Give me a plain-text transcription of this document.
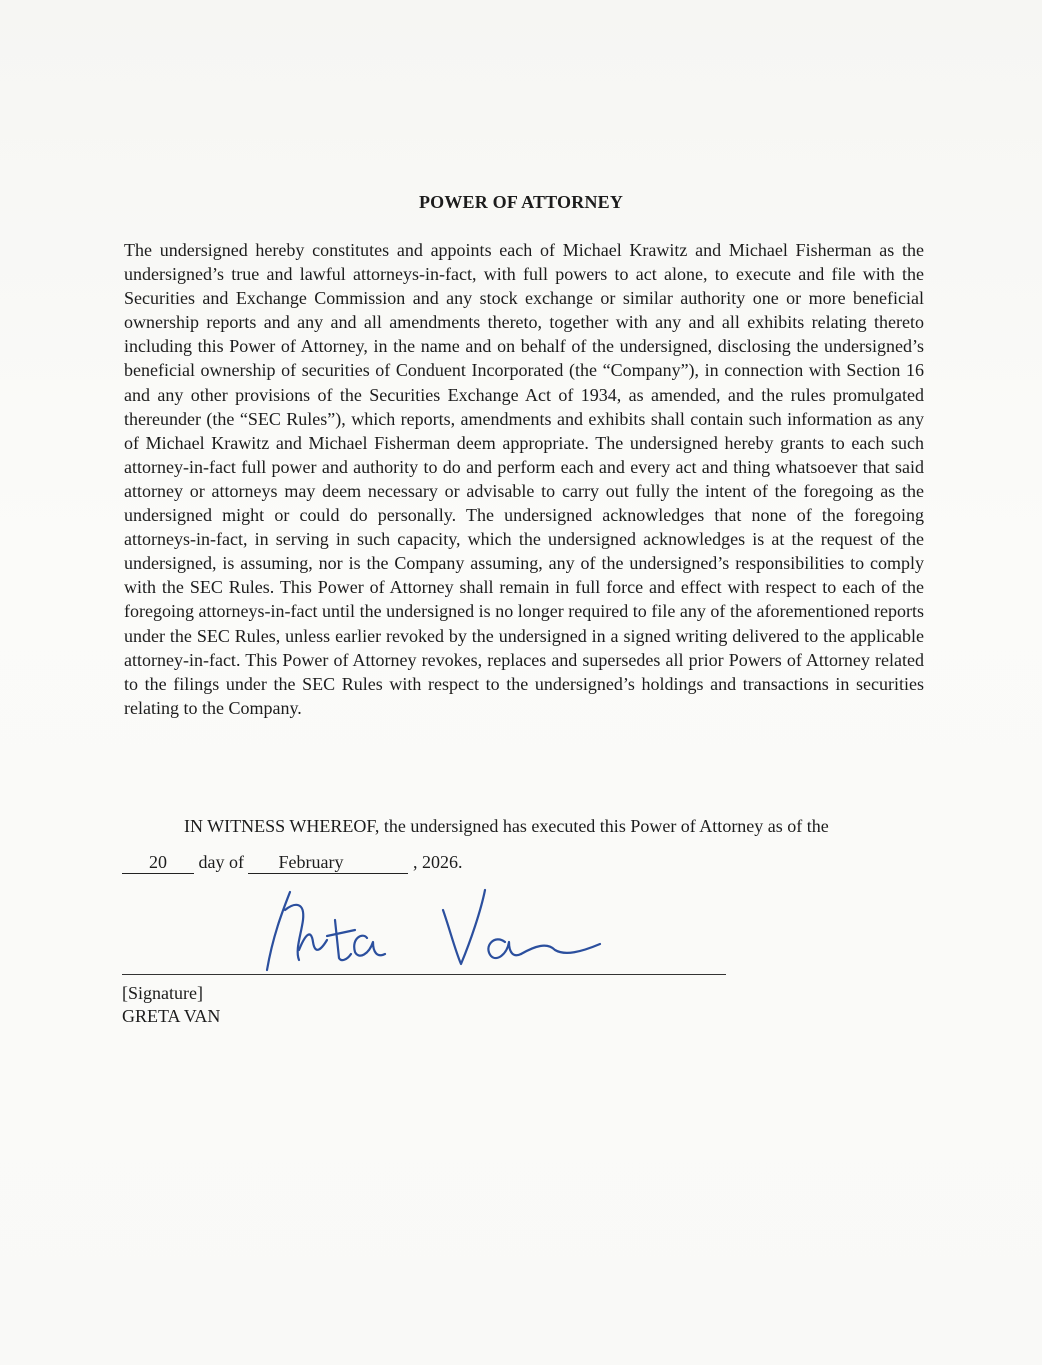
POWER OF ATTORNEY

The undersigned hereby constitutes and appoints each of Michael Krawitz and Michael Fisherman as the undersigned’s true and lawful attorneys-in-fact, with full powers to act alone, to execute and file with the Securities and Exchange Commission and any stock exchange or similar authority one or more beneficial ownership reports and any and all amendments thereto, together with any and all exhibits relating thereto including this Power of Attorney, in the name and on behalf of the undersigned, disclosing the undersigned’s beneficial ownership of securities of Conduent Incorporated (the “Company”), in connection with Section 16 and any other provisions of the Securities Exchange Act of 1934, as amended, and the rules promulgated thereunder (the “SEC Rules”), which reports, amendments and exhibits shall contain such information as any of Michael Krawitz and Michael Fisherman deem appropriate. The undersigned hereby grants to each such attorney-in-fact full power and authority to do and perform each and every act and thing whatsoever that said attorney or attorneys may deem necessary or advisable to carry out fully the intent of the foregoing as the undersigned might or could do personally. The undersigned acknowledges that none of the foregoing attorneys-in-fact, in serving in such capacity, which the undersigned acknowledges is at the request of the undersigned, is assuming, nor is the Company assuming, any of the undersigned’s responsibilities to comply with the SEC Rules. This Power of Attorney shall remain in full force and effect with respect to each of the foregoing attorneys-in-fact until the undersigned is no longer required to file any of the aforementioned reports under the SEC Rules, unless earlier revoked by the undersigned in a signed writing delivered to the applicable attorney-in-fact. This Power of Attorney revokes, replaces and supersedes all prior Powers of Attorney related to the filings under the SEC Rules with respect to the undersigned’s holdings and transactions in securities relating to the Company.

IN WITNESS WHEREOF, the undersigned has executed this Power of Attorney as of the

20 day of February	, 2026.
[Signature]
GRETA VAN
